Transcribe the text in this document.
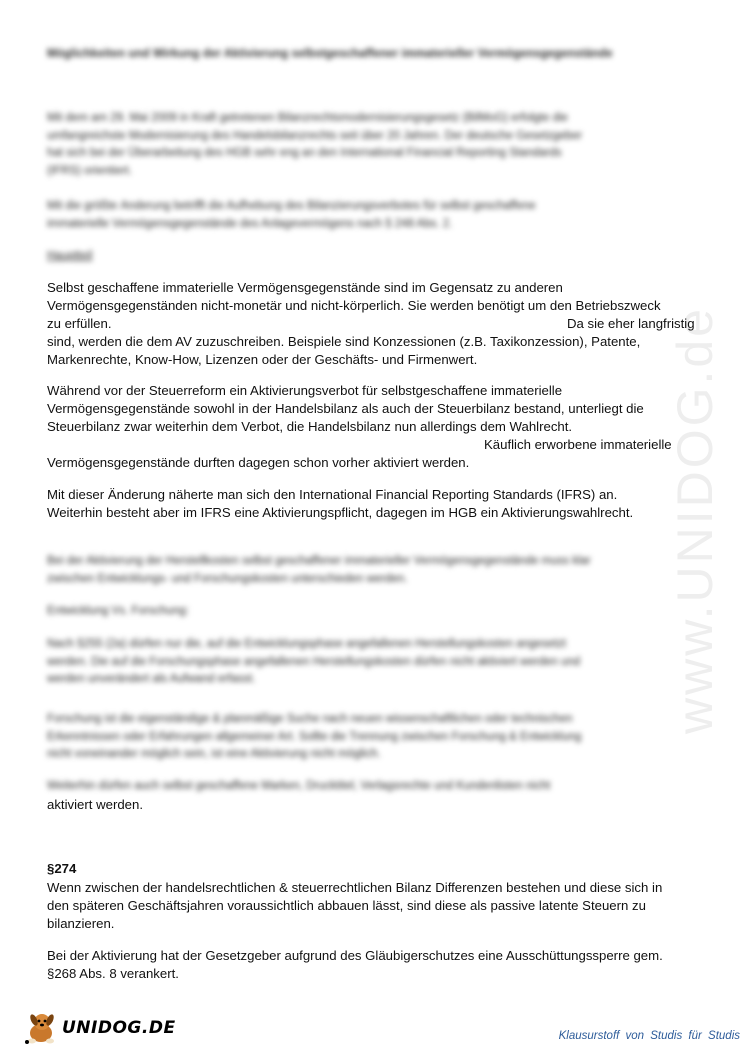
www.UNIDOG.de
Möglichkeiten und Wirkung der Aktivierung selbstgeschaffener immaterieller Vermögensgegenstände
Mit dem am 29. Mai 2009 in Kraft getretenen Bilanzrechtsmodernisierungsgesetz (BilMoG) erfolgte die
umfangreichste Modernisierung des Handelsbilanzrechts seit über 20 Jahren. Der deutsche Gesetzgeber
hat sich bei der Überarbeitung des HGB sehr eng an den International Financial Reporting Standards
(IFRS) orientiert.
Mit die größte Änderung betrifft die Aufhebung des Bilanzierungsverbotes für selbst geschaffene
immaterielle Vermögensgegenstände des Anlagevermögens nach § 248 Abs. 2.
Hauptteil
Selbst geschaffene immaterielle Vermögensgegenstände sind im Gegensatz zu anderen
Vermögensgegenständen nicht-monetär und nicht-körperlich. Sie werden benötigt um den Betriebszweck
zu erfüllen.	Da sie eher langfristig
sind, werden die dem AV zuzuschreiben. Beispiele sind Konzessionen (z.B. Taxikonzession), Patente,
Markenrechte, Know-How, Lizenzen oder der Geschäfts- und Firmenwert.
Während vor der Steuerreform ein Aktivierungsverbot für selbstgeschaffene immaterielle
Vermögensgegenstände sowohl in der Handelsbilanz als auch der Steuerbilanz bestand, unterliegt die
Steuerbilanz zwar weiterhin dem Verbot, die Handelsbilanz nun allerdings dem Wahlrecht.
Käuflich erworbene immaterielle
Vermögensgegenstände durften dagegen schon vorher aktiviert werden.
Mit dieser Änderung näherte man sich den International Financial Reporting Standards (IFRS) an.
Weiterhin besteht aber im IFRS eine Aktivierungspflicht, dagegen im HGB ein Aktivierungswahlrecht.
Bei der Aktivierung der Herstellkosten selbst geschaffener immaterieller Vermögensgegenstände muss klar
zwischen Entwicklungs- und Forschungskosten unterschieden werden.
Entwicklung Vs. Forschung:
Nach §255 (2a) dürfen nur die, auf die Entwicklungsphase angefallenen Herstellungskosten angesetzt
werden. Die auf die Forschungsphase angefallenen Herstellungskosten dürfen nicht aktiviert werden und
werden unverändert als Aufwand erfasst.
Forschung ist die eigenständige & planmäßige Suche nach neuen wissenschaftlichen oder technischen
Erkenntnissen oder Erfahrungen allgemeiner Art. Sollte die Trennung zwischen Forschung & Entwicklung
nicht voneinander möglich sein, ist eine Aktivierung nicht möglich.
Weiterhin dürfen auch selbst geschaffene Marken, Drucktitel, Verlagsrechte und Kundenlisten nicht
aktiviert werden.
§274
Wenn zwischen der handelsrechtlichen & steuerrechtlichen Bilanz Differenzen bestehen und diese sich in
den späteren Geschäftsjahren voraussichtlich abbauen lässt, sind diese als passive latente Steuern zu
bilanzieren.
Bei der Aktivierung hat der Gesetzgeber aufgrund des Gläubigerschutzes eine Ausschüttungssperre gem.
§268 Abs. 8 verankert.
UNIDOG.DE	Klausurstoff von Studis für Studis
